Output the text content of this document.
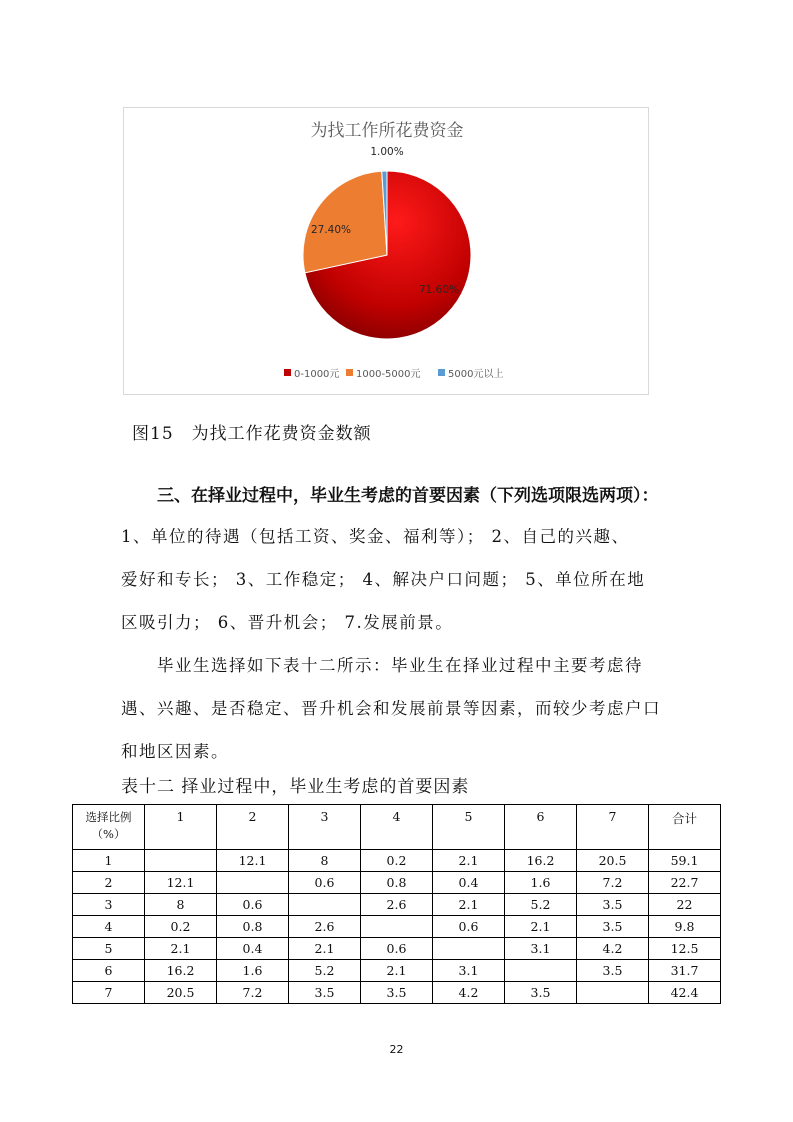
为找工作所花费资金
71.60%
27.40%
1.00%
0-1000元 1000-5000元	5000元以上
图15　为找工作花费资金数额
三、在择业过程中，毕业生考虑的首要因素（下列选项限选两项）：
1、单位的待遇（包括工资、奖金、福利等）； 2、自己的兴趣、
爱好和专长； 3、工作稳定； 4、解决户口问题； 5、单位所在地
区吸引力； 6、晋升机会； 7.发展前景。
毕业生选择如下表十二所示：毕业生在择业过程中主要考虑待
遇、兴趣、是否稳定、晋升机会和发展前景等因素，而较少考虑户口
和地区因素。
表十二 择业过程中，毕业生考虑的首要因素
选择比例
（%）	1	2	3	4	5	6	7	合计
1		12.1	8	0.2	2.1	16.2	20.5	59.1
2	12.1		0.6	0.8	0.4	1.6	7.2	22.7
3	8	0.6		2.6	2.1	5.2	3.5	22
4	0.2	0.8	2.6		0.6	2.1	3.5	9.8
5	2.1	0.4	2.1	0.6		3.1	4.2	12.5
6	16.2	1.6	5.2	2.1	3.1		3.5	31.7
7	20.5	7.2	3.5	3.5	4.2	3.5		42.4
22
